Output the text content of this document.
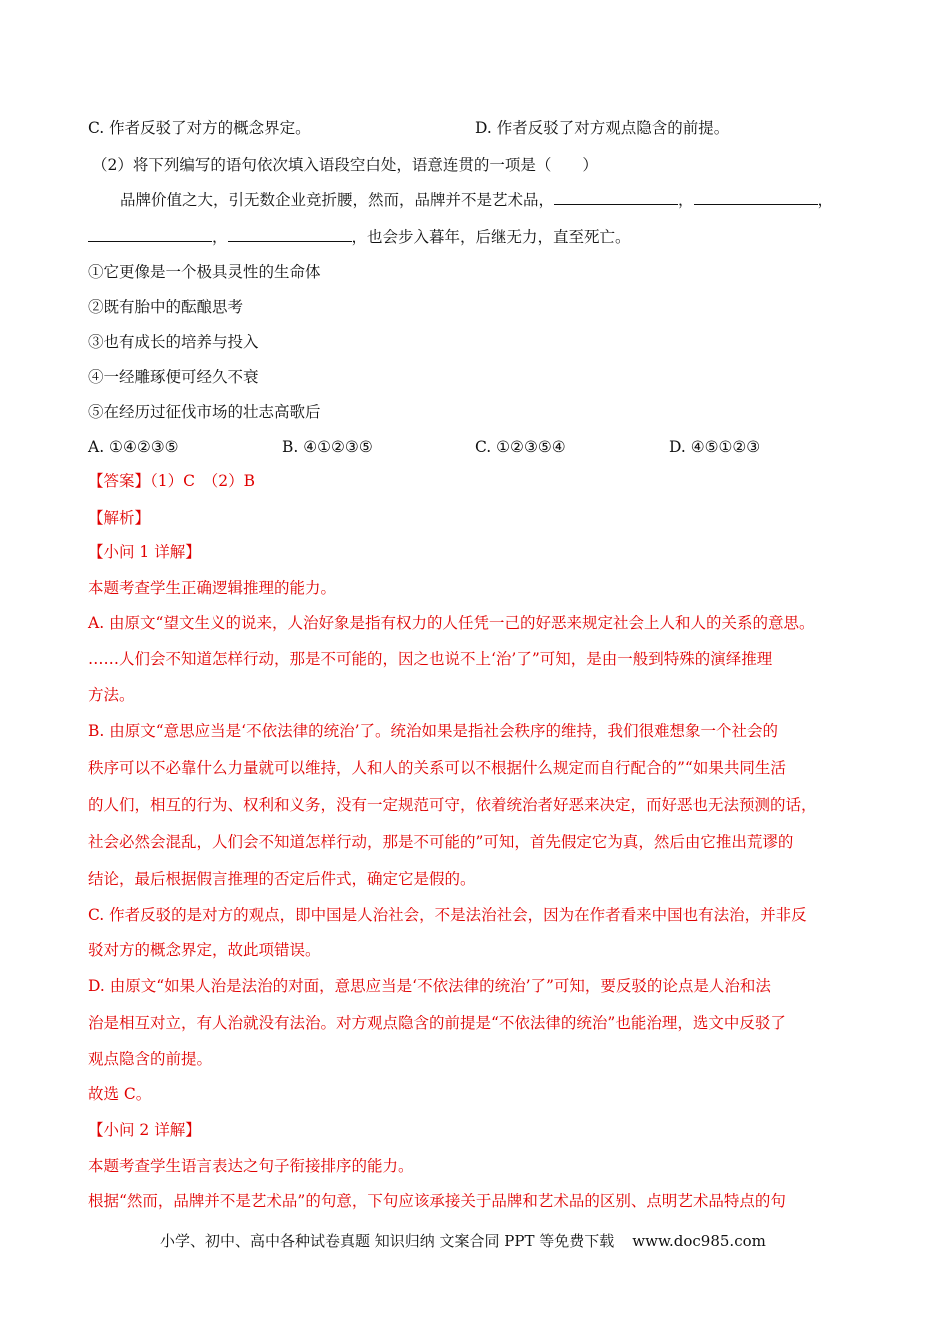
C. 作者反驳了对方的概念界定。	D. 作者反驳了对方观点隐含的前提。
（2）将下列编写的语句依次填入语段空白处，语意连贯的一项是（　　）
品牌价值之大，引无数企业竞折腰，然而，品牌并不是艺术品，	，	，
，	，也会步入暮年，后继无力，直至死亡。
①它更像是一个极具灵性的生命体
②既有胎中的酝酿思考
③也有成长的培养与投入
④一经雕琢便可经久不衰
⑤在经历过征伐市场的壮志高歌后
A. ①④②③⑤	B. ④①②③⑤	C. ①②③⑤④	D. ④⑤①②③
【答案】（1）C　（2）B
【解析】
【小问 1 详解】
本题考查学生正确逻辑推理的能力。
A. 由原文“望文生义的说来，人治好象是指有权力的人任凭一己的好恶来规定社会上人和人的关系的意思。
……人们会不知道怎样行动，那是不可能的，因之也说不上‘治’了”可知，是由一般到特殊的演绎推理
方法。
B. 由原文“意思应当是‘不依法律的统治’了。统治如果是指社会秩序的维持，我们很难想象一个社会的
秩序可以不必靠什么力量就可以维持，人和人的关系可以不根据什么规定而自行配合的”“如果共同生活
的人们，相互的行为、权利和义务，没有一定规范可守，依着统治者好恶来决定，而好恶也无法预测的话，
社会必然会混乱，人们会不知道怎样行动，那是不可能的”可知，首先假定它为真，然后由它推出荒谬的
结论，最后根据假言推理的否定后件式，确定它是假的。
C. 作者反驳的是对方的观点，即中国是人治社会，不是法治社会，因为在作者看来中国也有法治，并非反
驳对方的概念界定，故此项错误。
D. 由原文“如果人治是法治的对面，意思应当是‘不依法律的统治’了”可知，要反驳的论点是人治和法
治是相互对立，有人治就没有法治。对方观点隐含的前提是“不依法律的统治”也能治理，选文中反驳了
观点隐含的前提。
故选 C。
【小问 2 详解】
本题考查学生语言表达之句子衔接排序的能力。
根据“然而，品牌并不是艺术品”的句意，下句应该承接关于品牌和艺术品的区别、点明艺术品特点的句
小学、初中、高中各种试卷真题 知识归纳 文案合同 PPT 等免费下载 www.doc985.com
